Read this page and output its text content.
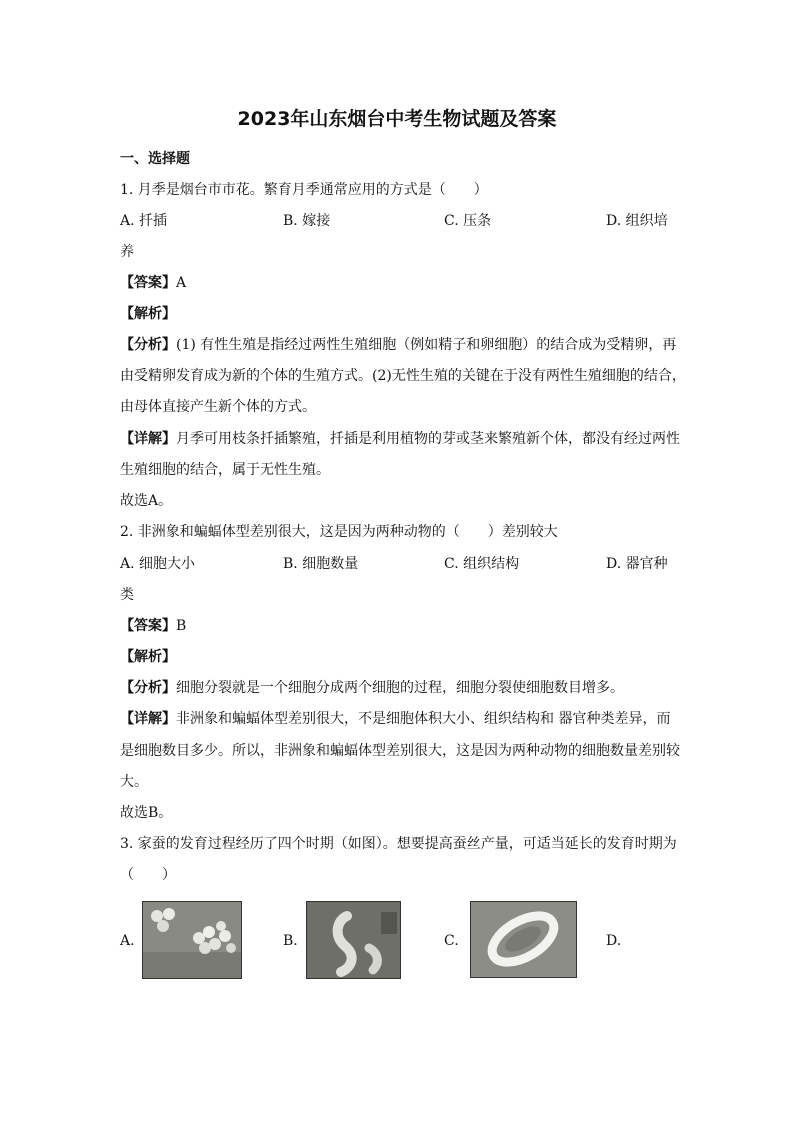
2023年山东烟台中考生物试题及答案
一、选择题
1. 月季是烟台市市花。繁育月季通常应用的方式是（　　）
A. 扦插	B. 嫁接	C. 压条	D. 组织培
养
【答案】A
【解析】
【分析】(1) 有性生殖是指经过两性生殖细胞（例如精子和卵细胞）的结合成为受精卵，再
由受精卵发育成为新的个体的生殖方式。(2)无性生殖的关键在于没有两性生殖细胞的结合，
由母体直接产生新个体的方式。
【详解】月季可用枝条扦插繁殖，扦插是利用植物的芽或茎来繁殖新个体，都没有经过两性
生殖细胞的结合，属于无性生殖。
故选A。
2. 非洲象和蝙蝠体型差别很大，这是因为两种动物的（　　）差别较大
A. 细胞大小	B. 细胞数量	C. 组织结构	D. 器官种
类
【答案】B
【解析】
【分析】细胞分裂就是一个细胞分成两个细胞的过程，细胞分裂使细胞数目增多。
【详解】非洲象和蝙蝠体型差别很大，不是细胞体积大小、组织结构和 器官种类差异，而
是细胞数目多少。所以，非洲象和蝙蝠体型差别很大，这是因为两种动物的细胞数量差别较
大。
故选B。
3. 家蚕的发育过程经历了四个时期（如图）。想要提高蚕丝产量，可适当延长的发育时期为
（　　）
A.	B.	C.	D.
